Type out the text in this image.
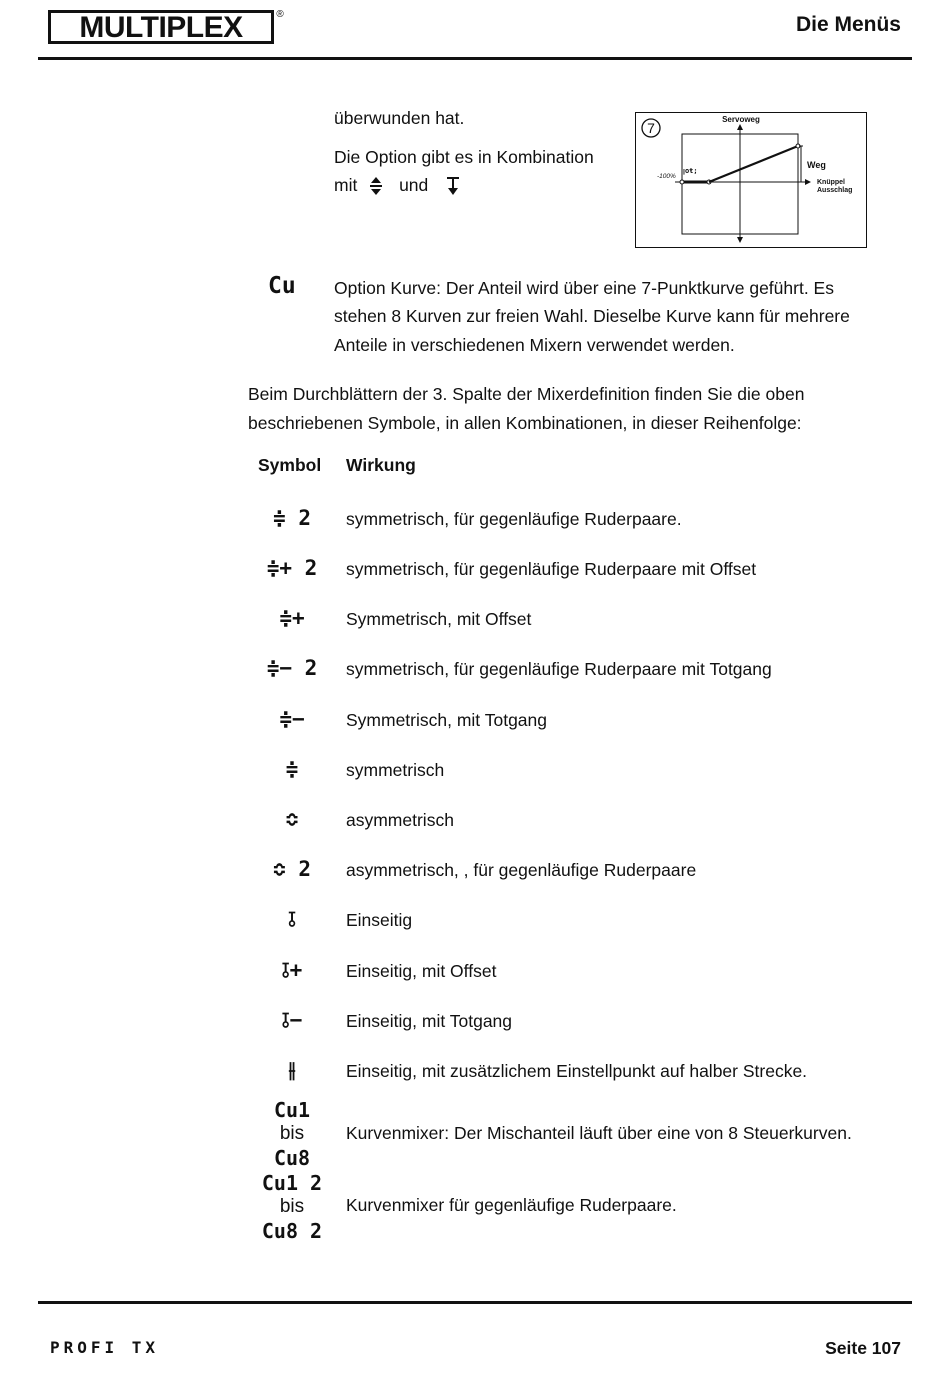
MULTIPLEX	®	Die Menüs
überwunden hat.
Die Option gibt es in Kombination
mit und
7
Servoweg
-100%
ꞁoŧ;
Weg
Knüppel
Ausschlag
Cu Option Kurve: Der Anteil wird über eine 7-Punktkurve geführt. Es
stehen 8 Kurven zur freien Wahl. Dieselbe Kurve kann für mehrere
Anteile in verschiedenen Mixern verwendet werden.
Beim Durchblättern der 3. Spalte der Mixerdefinition finden Sie die oben
beschriebenen Symbole, in allen Kombinationen, in dieser Reihenfolge:
Symbol Wirkung
≑ 2	symmetrisch, für gegenläufige Ruderpaare.
≑+ 2	symmetrisch, für gegenläufige Ruderpaare mit Offset
≑+	Symmetrisch, mit Offset
≑− 2	symmetrisch, für gegenläufige Ruderpaare mit Totgang
≑−	Symmetrisch, mit Totgang
≑	symmetrisch
≎	asymmetrisch
≎ 2	asymmetrisch, , für gegenläufige Ruderpaare
⫱	Einseitig
⫱+	Einseitig, mit Offset
⫱−	Einseitig, mit Totgang
⫲	Einseitig, mit zusätzlichem Einstellpunkt auf halber Strecke.
Cu1
bis
Cu8
Kurvenmixer: Der Mischanteil läuft über eine von 8 Steuerkurven.
Cu1 2
bis
Cu8 2
Kurvenmixer für gegenläufige Ruderpaare.
PROFI TX	Seite 107
